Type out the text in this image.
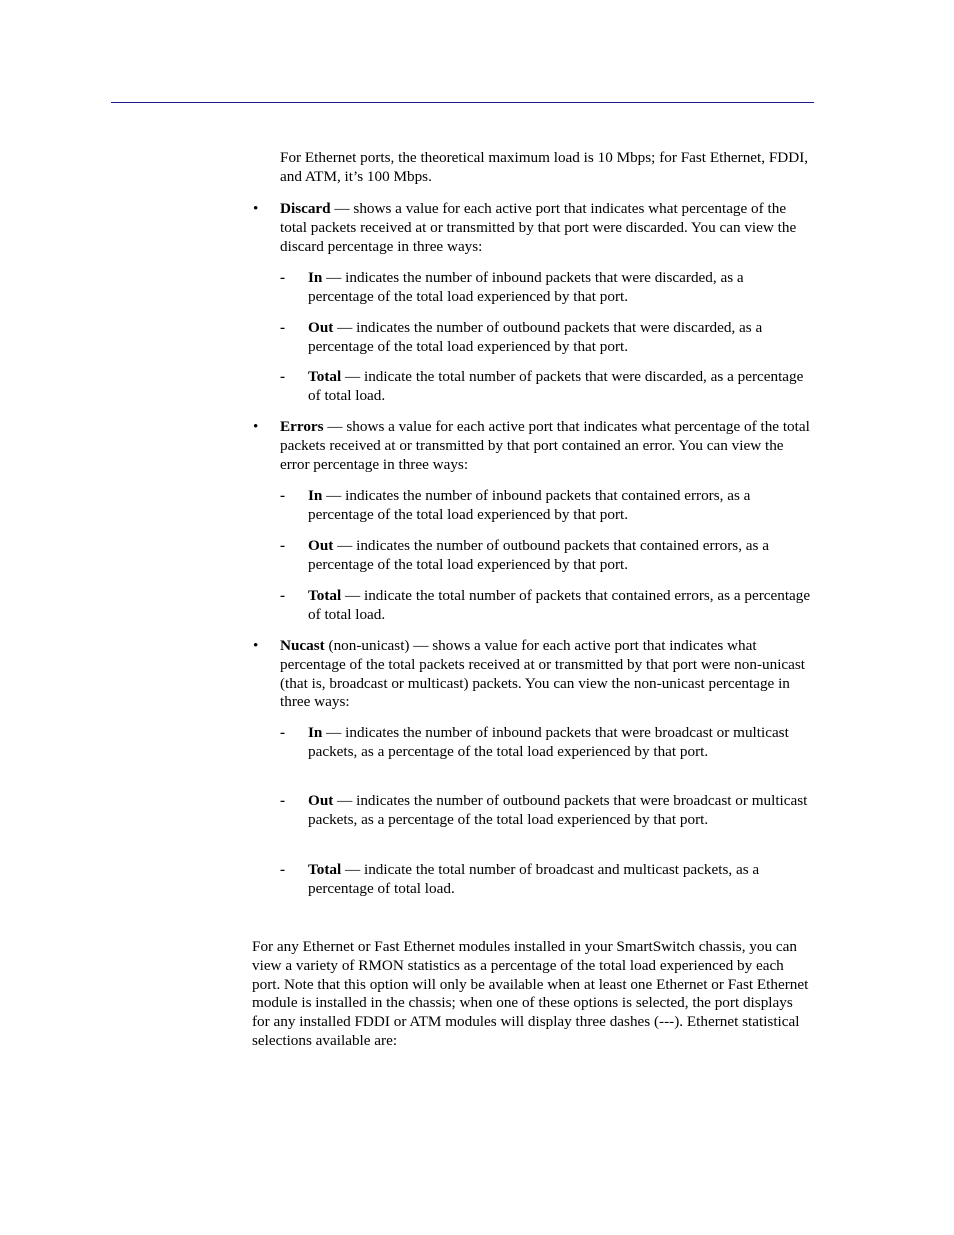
For Ethernet ports, the theoretical maximum load is 10 Mbps; for Fast Ethernet, FDDI, and ATM, it’s 100 Mbps.

• Discard — shows a value for each active port that indicates what percentage of the total packets received at or transmitted by that port were discarded. You can view the discard percentage in three ways:

- In — indicates the number of inbound packets that were discarded, as a percentage of the total load experienced by that port.

- Out — indicates the number of outbound packets that were discarded, as a percentage of the total load experienced by that port.

- Total — indicate the total number of packets that were discarded, as a percentage of total load.

• Errors — shows a value for each active port that indicates what percentage of the total packets received at or transmitted by that port contained an error. You can view the error percentage in three ways:

- In — indicates the number of inbound packets that contained errors, as a percentage of the total load experienced by that port.

- Out — indicates the number of outbound packets that contained errors, as a percentage of the total load experienced by that port.

- Total — indicate the total number of packets that contained errors, as a percentage of total load.

• Nucast (non-unicast) — shows a value for each active port that indicates what percentage of the total packets received at or transmitted by that port were non-unicast (that is, broadcast or multicast) packets. You can view the non-unicast percentage in three ways:

- In — indicates the number of inbound packets that were broadcast or multicast packets, as a percentage of the total load experienced by that port.

- Out — indicates the number of outbound packets that were broadcast or multicast packets, as a percentage of the total load experienced by that port.

- Total — indicate the total number of broadcast and multicast packets, as a percentage of total load.

For any Ethernet or Fast Ethernet modules installed in your SmartSwitch chassis, you can view a variety of RMON statistics as a percentage of the total load experienced by each port. Note that this option will only be available when at least one Ethernet or Fast Ethernet module is installed in the chassis; when one of these options is selected, the port displays for any installed FDDI or ATM modules will display three dashes (---). Ethernet statistical selections available are:
